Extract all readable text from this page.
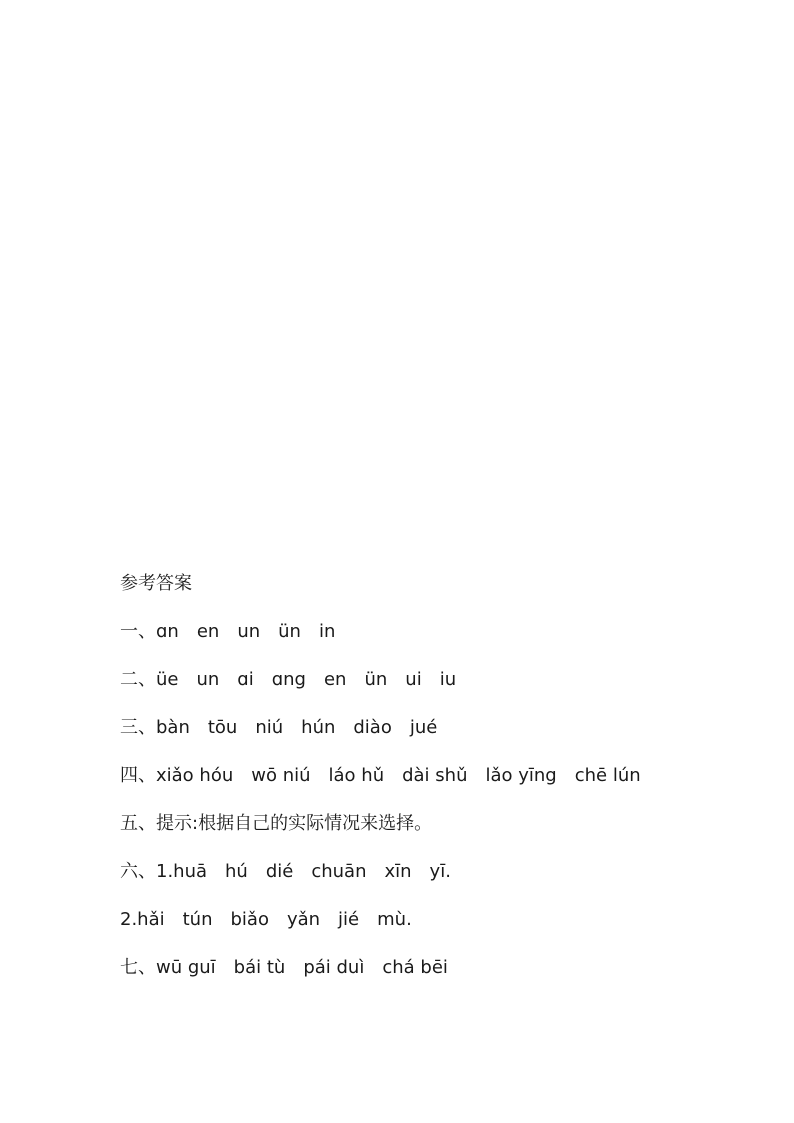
参考答案
一、ɑn　en　un　ün　in
二、üe　un　ɑi　ɑng　en　ün　ui　iu
三、bàn　tōu　niú　hún　diào　jué
四、xiǎo hóu　wō niú　láo hǔ　dài shǔ　lǎo yīng　chē lún
五、提示:根据自己的实际情况来选择。
六、1.huā　hú　dié　chuān　xīn　yī.
2.hǎi　tún　biǎo　yǎn　jié　mù.
七、wū guī　bái tù　pái duì　chá bēi
